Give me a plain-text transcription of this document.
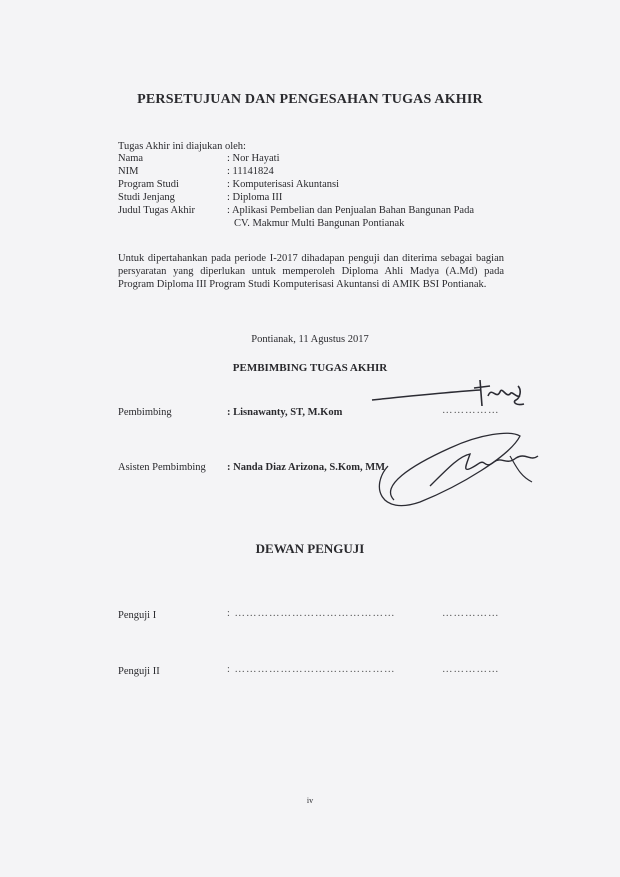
PERSETUJUAN DAN PENGESAHAN TUGAS AKHIR
Tugas Akhir ini diajukan oleh:
Nama	: Nor Hayati
NIM	: 11141824
Program Studi	: Komputerisasi Akuntansi
Studi Jenjang	: Diploma III
Judul Tugas Akhir	: Aplikasi Pembelian dan Penjualan Bahan Bangunan Pada
CV. Makmur Multi Bangunan Pontianak
Untuk dipertahankan pada periode I-2017 dihadapan penguji dan diterima sebagai bagian persyaratan yang diperlukan untuk memperoleh Diploma Ahli Madya (A.Md) pada Program Diploma III Program Studi Komputerisasi Akuntansi di AMIK BSI Pontianak.
Pontianak, 11 Agustus 2017
PEMBIMBING TUGAS AKHIR
Pembimbing	: Lisnawanty, ST, M.Kom	……………
Asisten Pembimbing : Nanda Diaz Arizona, S.Kom, MM
DEWAN PENGUJI
Penguji I	: ……………………………………	……………
Penguji II	: ……………………………………	……………
iv
